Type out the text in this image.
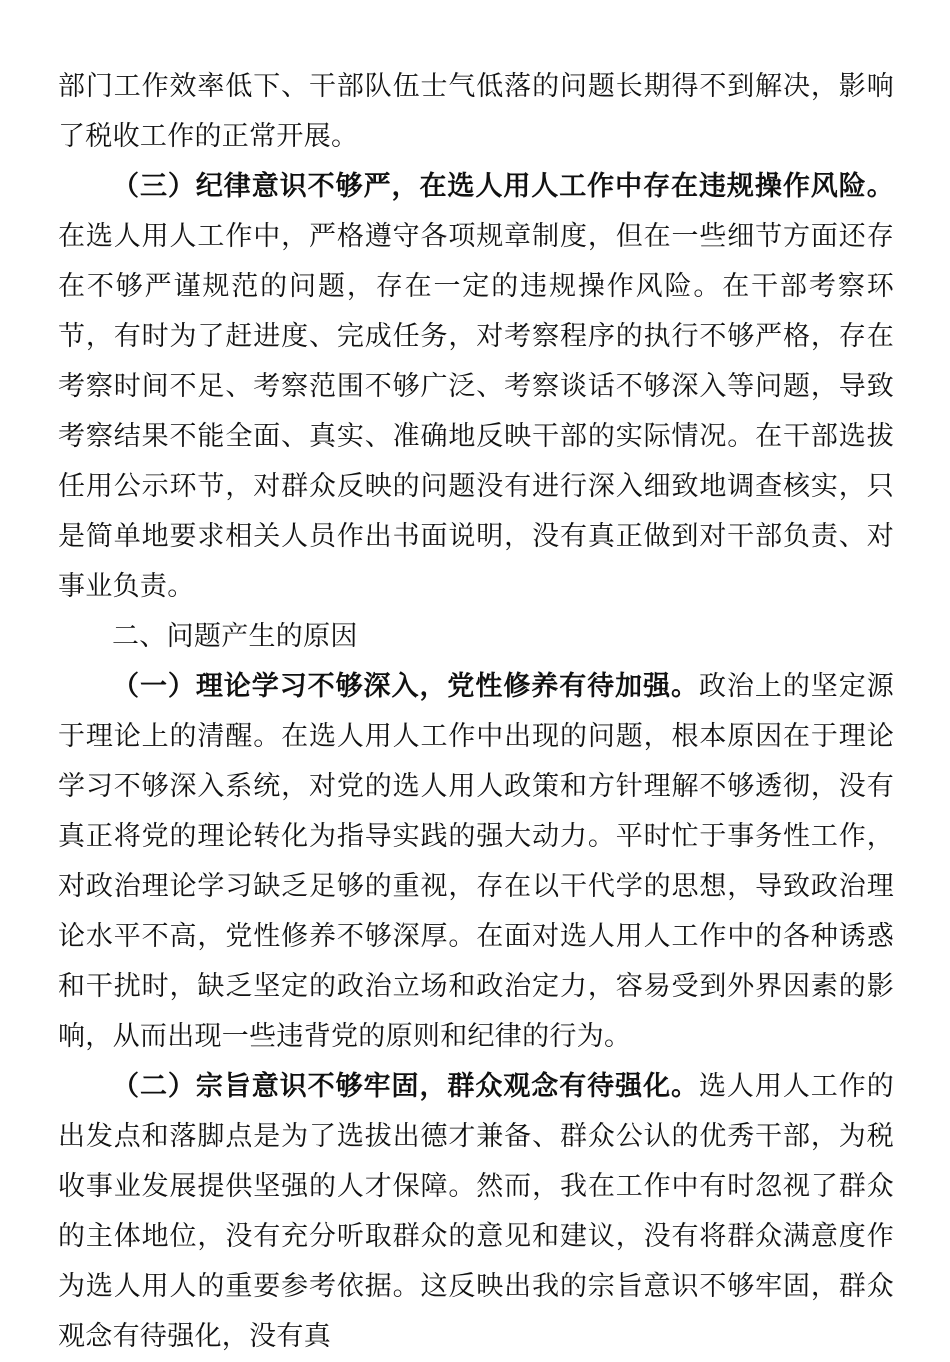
部门工作效率低下、干部队伍士气低落的问题长期得不到解决，影响了税收工作的正常开展。

（三）纪律意识不够严，在选人用人工作中存在违规操作风险。在选人用人工作中，严格遵守各项规章制度，但在一些细节方面还存在不够严谨规范的问题，存在一定的违规操作风险。在干部考察环节，有时为了赶进度、完成任务，对考察程序的执行不够严格，存在考察时间不足、考察范围不够广泛、考察谈话不够深入等问题，导致考察结果不能全面、真实、准确地反映干部的实际情况。在干部选拔任用公示环节，对群众反映的问题没有进行深入细致地调查核实，只是简单地要求相关人员作出书面说明，没有真正做到对干部负责、对事业负责。

二、问题产生的原因

（一）理论学习不够深入，党性修养有待加强。政治上的坚定源于理论上的清醒。在选人用人工作中出现的问题，根本原因在于理论学习不够深入系统，对党的选人用人政策和方针理解不够透彻，没有真正将党的理论转化为指导实践的强大动力。平时忙于事务性工作，对政治理论学习缺乏足够的重视，存在以干代学的思想，导致政治理论水平不高，党性修养不够深厚。在面对选人用人工作中的各种诱惑和干扰时，缺乏坚定的政治立场和政治定力，容易受到外界因素的影响，从而出现一些违背党的原则和纪律的行为。

（二）宗旨意识不够牢固，群众观念有待强化。选人用人工作的出发点和落脚点是为了选拔出德才兼备、群众公认的优秀干部，为税收事业发展提供坚强的人才保障。然而，我在工作中有时忽视了群众的主体地位，没有充分听取群众的意见和建议，没有将群众满意度作为选人用人的重要参考依据。这反映出我的宗旨意识不够牢固，群众观念有待强化，没有真
